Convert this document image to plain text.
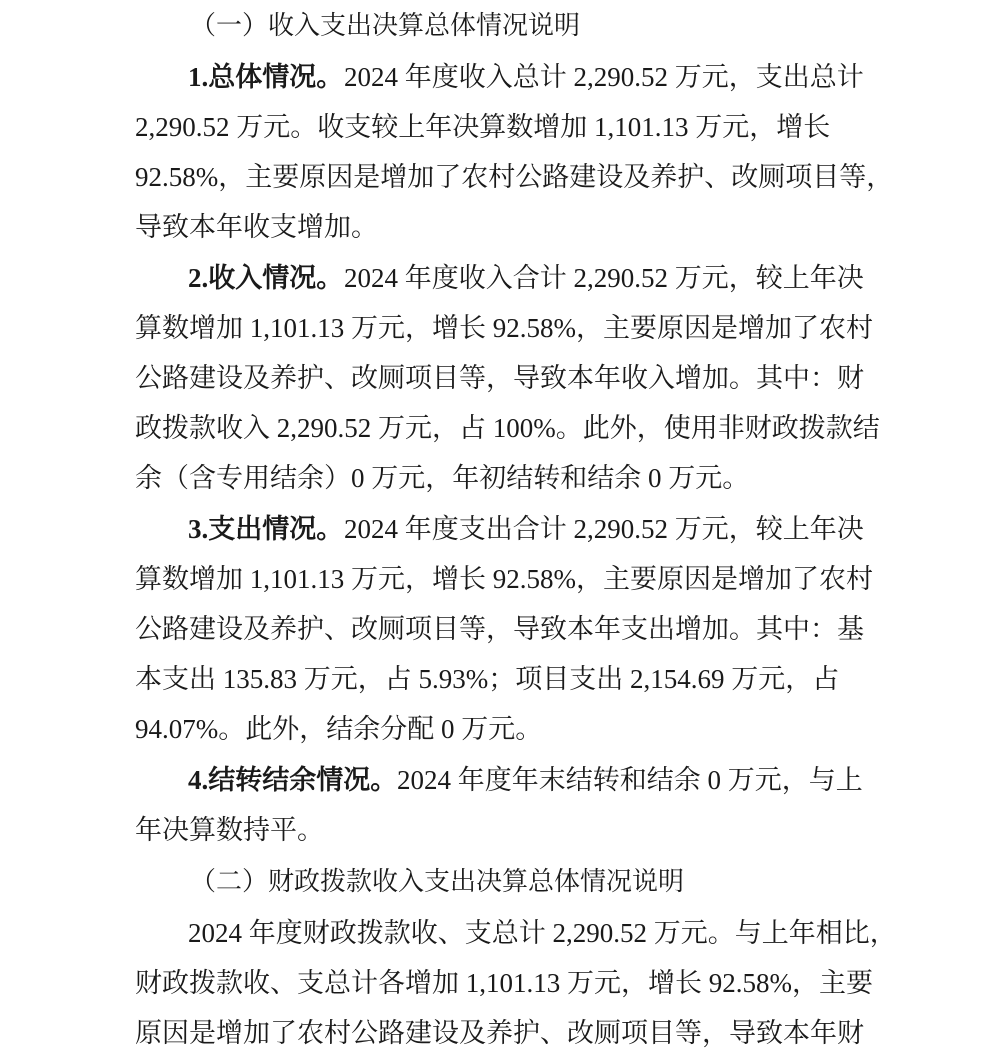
（一）收入支出决算总体情况说明
1.总体情况。 2024 年度收入总计 2,290.52 万元，支出总计
2,290.52 万元。收支较上年决算数增加 1,101.13 万元，增长
92.58%，主要原因是增加了农村公路建设及养护、改厕项目等，
导致本年收支增加。
2.收入情况。 2024 年度收入合计 2,290.52 万元，较上年决
算数增加 1,101.13 万元，增长 92.58%，主要原因是增加了农村
公路建设及养护、改厕项目等，导致本年收入增加。其中：财
政拨款收入 2,290.52 万元，占 100%。此外，使用非财政拨款结
余（含专用结余）0 万元，年初结转和结余 0 万元。
3.支出情况。 2024 年度支出合计 2,290.52 万元，较上年决
算数增加 1,101.13 万元，增长 92.58%，主要原因是增加了农村
公路建设及养护、改厕项目等，导致本年支出增加。其中：基
本支出 135.83 万元，占 5.93%；项目支出 2,154.69 万元，占
94.07%。此外，结余分配 0 万元。
4.结转结余情况。 2024 年度年末结转和结余 0 万元，与上
年决算数持平。
（二）财政拨款收入支出决算总体情况说明
2024 年度财政拨款收、支总计 2,290.52 万元。与上年相比，
财政拨款收、支总计各增加 1,101.13 万元，增长 92.58%，主要
原因是增加了农村公路建设及养护、改厕项目等，导致本年财
